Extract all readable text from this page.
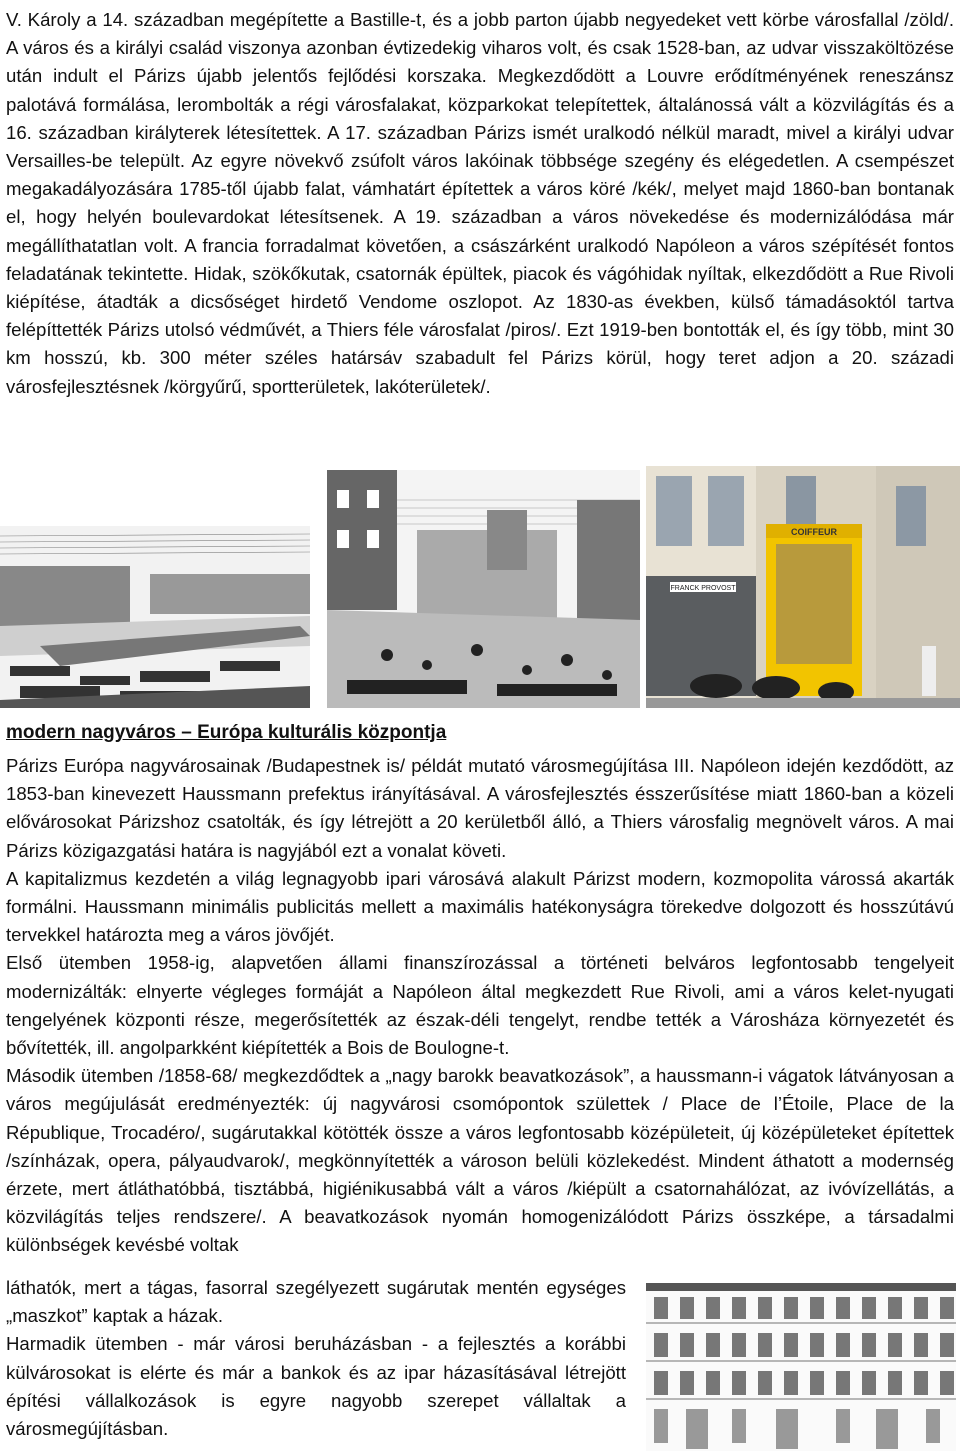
V. Károly a 14. században megépítette a Bastille-t, és a jobb parton újabb negyedeket vett körbe városfallal /zöld/. A város és a királyi család viszonya azonban évtizedekig viharos volt, és csak 1528-ban, az udvar visszaköltözése után indult el Párizs újabb jelentős fejlődési korszaka. Megkezdődött a Louvre erődítményének reneszánsz palotává formálása, lerombolták a régi városfalakat, közparkokat telepítettek, általánossá vált a közvilágítás és a 16. században királyterek létesítettek. A 17. században Párizs ismét uralkodó nélkül maradt, mivel a királyi udvar Versailles-be települt. Az egyre növekvő zsúfolt város lakóinak többsége szegény és elégedetlen. A csempészet megakadályozására 1785-től újabb falat, vámhatárt építettek a város köré /kék/, melyet majd 1860-ban bontanak el, hogy helyén boulevardokat létesítsenek. A 19. században a város növekedése és modernizálódása már megállíthatatlan volt. A francia forradalmat követően, a császárként uralkodó Napóleon a város szépítését fontos feladatának tekintette. Hidak, szökőkutak, csatornák épültek, piacok és vágóhidak nyíltak, elkezdődött a Rue Rivoli kiépítése, átadták a dicsőséget hirdető Vendome oszlopot. Az 1830-as években, külső támadásoktól tartva felépíttették Párizs utolsó védművét, a Thiers féle városfalat /piros/. Ezt 1919-ben bontották el, és így több, mint 30 km hosszú, kb. 300 méter széles határsáv szabadult fel Párizs körül, hogy teret adjon a 20. századi városfejlesztésnek /körgyűrű, sportterületek, lakóterületek/.

FRANCK PROVOST
COIFFEUR
modern nagyváros – Európa kulturális központja

Párizs Európa nagyvárosainak /Budapestnek is/ példát mutató városmegújítása III. Napóleon idején kezdődött, az 1853-ban kinevezett Haussmann prefektus irányításával. A városfejlesztés ésszerűsítése miatt 1860-ban a közeli elővárosokat Párizshoz csatolták, és így létrejött a 20 kerületből álló, a Thiers városfalig megnövelt város. A mai Párizs közigazgatási határa is nagyjából ezt a vonalat követi.

A kapitalizmus kezdetén a világ legnagyobb ipari városává alakult Párizst modern, kozmopolita várossá akarták formálni. Haussmann minimális publicitás mellett a maximális hatékonyságra törekedve dolgozott és hosszútávú tervekkel határozta meg a város jövőjét.

Első ütemben 1958-ig, alapvetően állami finanszírozással a történeti belváros legfontosabb tengelyeit modernizálták: elnyerte végleges formáját a Napóleon által megkezdett Rue Rivoli, ami a város kelet-nyugati tengelyének központi része, megerősítették az észak-déli tengelyt, rendbe tették a Városháza környezetét és bővítették, ill. angolparkként kiépítették a Bois de Boulogne-t.

Második ütemben /1858-68/ megkezdődtek a „nagy barokk beavatkozások”, a haussmann-i vágatok látványosan a város megújulását eredményezték: új nagyvárosi csomópontok születtek / Place de l’Étoile, Place de la République, Trocadéro/, sugárutakkal kötötték össze a város legfontosabb középületeit, új középületeket építettek /színházak, opera, pályaudvarok/, megkönnyítették a városon belüli közlekedést. Mindent áthatott a modernség érzete, mert átláthatóbbá, tisztábbá, higiénikusabbá vált a város /kiépült a csatornahálózat, az ivóvízellátás, a közvilágítás teljes rendszere/. A beavatkozások nyomán homogenizálódott Párizs összképe, a társadalmi különbségek kevésbé voltak

láthatók, mert a tágas, fasorral szegélyezett sugárutak mentén egységes „maszkot” kaptak a házak.

Harmadik ütemben - már városi beruházásban - a fejlesztés a korábbi külvárosokat is elérte és már a bankok és az ipar házasításával létrejött építési vállalkozások is egyre nagyobb szerepet vállaltak a városmegújításban.
